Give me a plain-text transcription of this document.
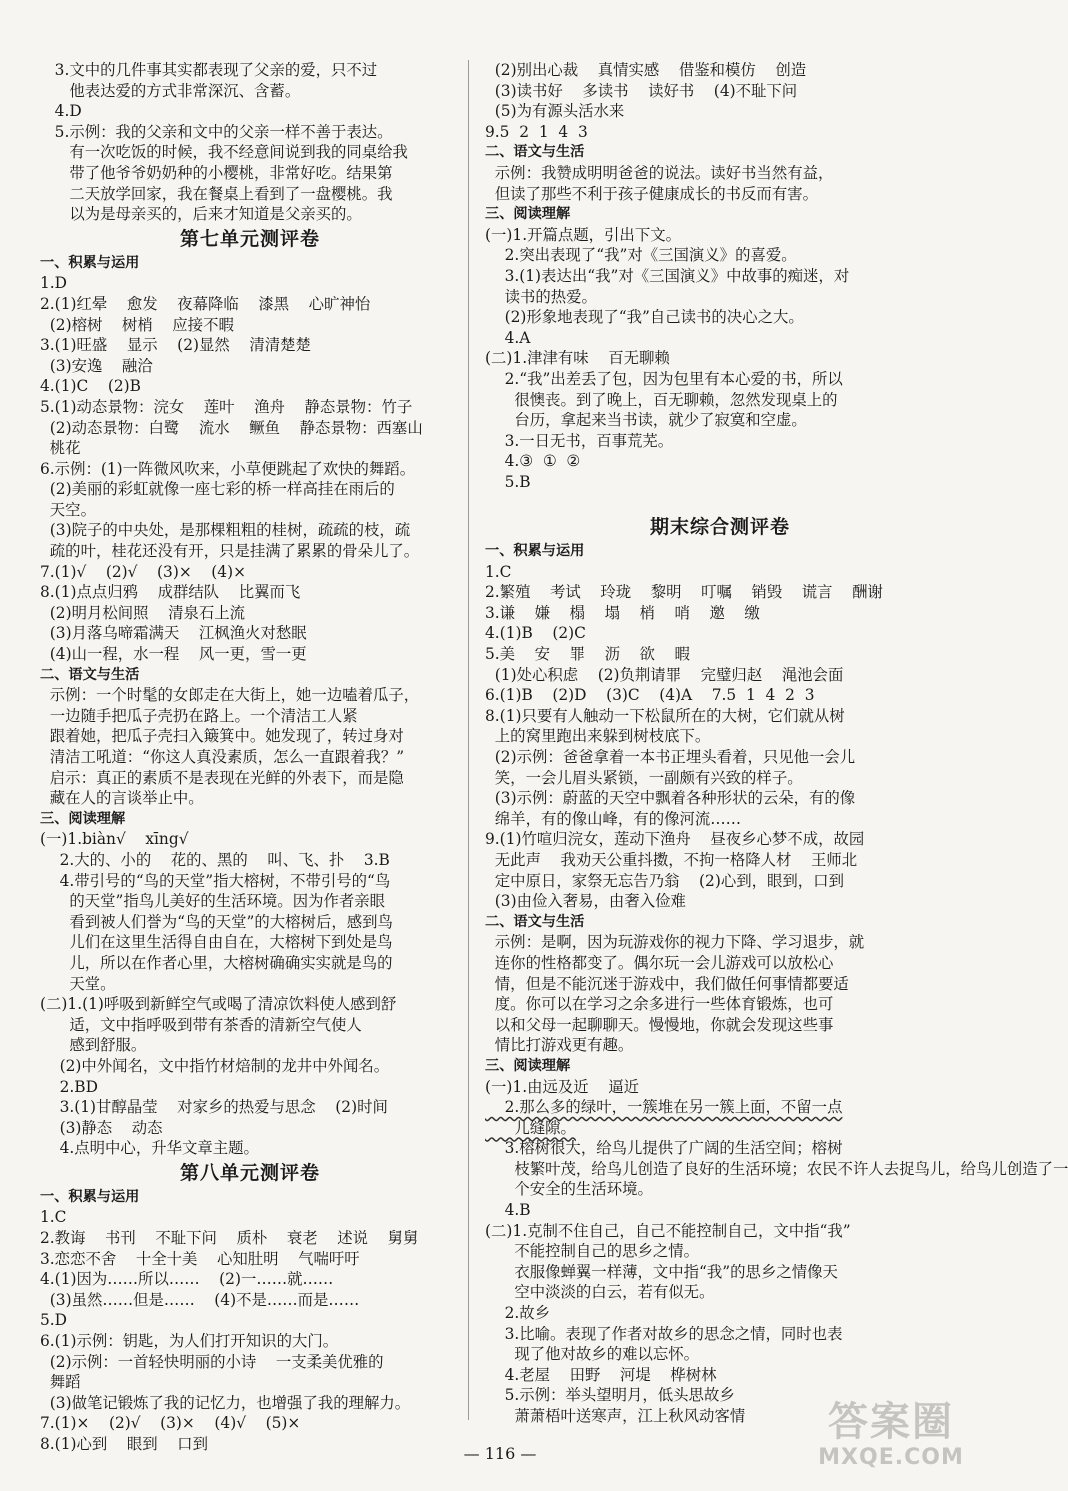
3.文中的几件事其实都表现了父亲的爱，只不过
他表达爱的方式非常深沉、含蓄。
4.D
5.示例：我的父亲和文中的父亲一样不善于表达。
有一次吃饭的时候，我不经意间说到我的同桌给我
带了他爷爷奶奶种的小樱桃，非常好吃。结果第
二天放学回家，我在餐桌上看到了一盘樱桃。我
以为是母亲买的，后来才知道是父亲买的。
第七单元测评卷
一、积累与运用
1.D
2.(1)红晕    愈发    夜幕降临    漆黑    心旷神怡
(2)榕树    树梢    应接不暇
3.(1)旺盛    显示    (2)显然    清清楚楚
(3)安逸    融洽
4.(1)C    (2)B
5.(1)动态景物：浣女    莲叶    渔舟    静态景物：竹子
(2)动态景物：白鹭    流水    鳜鱼    静态景物：西塞山
桃花
6.示例：(1)一阵微风吹来，小草便跳起了欢快的舞蹈。
(2)美丽的彩虹就像一座七彩的桥一样高挂在雨后的
天空。
(3)院子的中央处，是那棵粗粗的桂树，疏疏的枝，疏
疏的叶，桂花还没有开，只是挂满了累累的骨朵儿了。
7.(1)√    (2)√    (3)×    (4)×
8.(1)点点归鸦    成群结队    比翼而飞
(2)明月松间照    清泉石上流
(3)月落乌啼霜满天    江枫渔火对愁眠
(4)山一程，水一程    风一更，雪一更
二、语文与生活
示例：一个时髦的女郎走在大街上，她一边嗑着瓜子，
一边随手把瓜子壳扔在路上。一个清洁工人紧
跟着她，把瓜子壳扫入簸箕中。她发现了，转过身对
清洁工吼道：“你这人真没素质，怎么一直跟着我？”
启示：真正的素质不是表现在光鲜的外表下，而是隐
藏在人的言谈举止中。
三、阅读理解
(一)1.biàn√    xīng√
2.大的、小的    花的、黑的    叫、飞、扑    3.B
4.带引号的“鸟的天堂”指大榕树，不带引号的“鸟
的天堂”指鸟儿美好的生活环境。因为作者亲眼
看到被人们誉为“鸟的天堂”的大榕树后，感到鸟
儿们在这里生活得自由自在，大榕树下到处是鸟
儿，所以在作者心里，大榕树确确实实就是鸟的
天堂。
(二)1.(1)呼吸到新鲜空气或喝了清凉饮料使人感到舒
适，文中指呼吸到带有茶香的清新空气使人
感到舒服。
(2)中外闻名，文中指竹材焙制的龙井中外闻名。
2.BD
3.(1)甘醇晶莹    对家乡的热爱与思念    (2)时间
(3)静态    动态
4.点明中心，升华文章主题。
第八单元测评卷
一、积累与运用
1.C
2.教诲    书刊    不耻下问    质朴    衰老    述说    舅舅
3.恋恋不舍    十全十美    心知肚明    气喘吁吁
4.(1)因为……所以……    (2)一……就……
(3)虽然……但是……    (4)不是……而是……
5.D
6.(1)示例：钥匙，为人们打开知识的大门。
(2)示例：一首轻快明丽的小诗    一支柔美优雅的
舞蹈
(3)做笔记锻炼了我的记忆力，也增强了我的理解力。
7.(1)×    (2)√    (3)×    (4)√    (5)×
8.(1)心到    眼到    口到
(2)别出心裁    真情实感    借鉴和模仿    创造
(3)读书好    多读书    读好书    (4)不耻下问
(5)为有源头活水来
9.5  2  1  4  3
二、语文与生活
示例：我赞成明明爸爸的说法。读好书当然有益，
但读了那些不利于孩子健康成长的书反而有害。
三、阅读理解
(一)1.开篇点题，引出下文。
2.突出表现了“我”对《三国演义》的喜爱。
3.(1)表达出“我”对《三国演义》中故事的痴迷，对
读书的热爱。
(2)形象地表现了“我”自己读书的决心之大。
4.A
(二)1.津津有味    百无聊赖
2.“我”出差丢了包，因为包里有本心爱的书，所以
很懊丧。到了晚上，百无聊赖，忽然发现桌上的
台历，拿起来当书读，就少了寂寞和空虚。
3.一日无书，百事荒芜。
4.③  ①  ②
5.B
期末综合测评卷
一、积累与运用
1.C
2.繁殖    考试    玲珑    黎明    叮嘱    销毁    谎言    酬谢
3.谦    嫌    榻    塌    梢    哨    邀    缴
4.(1)B    (2)C
5.美    安    罪    沥    欲    暇
(1)处心积虑    (2)负荆请罪    完璧归赵    渑池会面
6.(1)B    (2)D    (3)C    (4)A    7.5  1  4  2  3
8.(1)只要有人触动一下松鼠所在的大树，它们就从树
上的窝里跑出来躲到树枝底下。
(2)示例：爸爸拿着一本书正埋头看着，只见他一会儿
笑，一会儿眉头紧锁，一副颇有兴致的样子。
(3)示例：蔚蓝的天空中飘着各种形状的云朵，有的像
绵羊，有的像山峰，有的像河流……
9.(1)竹喧归浣女，莲动下渔舟    昼夜乡心梦不成，故园
无此声    我劝天公重抖擞，不拘一格降人材    王师北
定中原日，家祭无忘告乃翁    (2)心到，眼到，口到
(3)由俭入奢易，由奢入俭难
二、语文与生活
示例：是啊，因为玩游戏你的视力下降、学习退步，就
连你的性格都变了。偶尔玩一会儿游戏可以放松心
情，但是不能沉迷于游戏中，我们做任何事情都要适
度。你可以在学习之余多进行一些体育锻炼，也可
以和父母一起聊聊天。慢慢地，你就会发现这些事
情比打游戏更有趣。
三、阅读理解
(一)1.由远及近    逼近
2.那么多的绿叶，一簇堆在另一簇上面，不留一点
儿缝隙。
3.榕树很大，给鸟儿提供了广阔的生活空间；榕树
枝繁叶茂，给鸟儿创造了良好的生活环境；农民不许人去捉鸟儿，给鸟儿创造了一
个安全的生活环境。
4.B
(二)1.克制不住自己，自己不能控制自己，文中指“我”
不能控制自己的思乡之情。
衣服像蝉翼一样薄，文中指“我”的思乡之情像天
空中淡淡的白云，若有似无。
2.故乡
3.比喻。表现了作者对故乡的思念之情，同时也表
现了他对故乡的难以忘怀。
4.老屋    田野    河堤    桦树林
5.示例：举头望明月，低头思故乡
萧萧梧叶送寒声，江上秋风动客情
— 116 —
答案圈
MXQE.COM
